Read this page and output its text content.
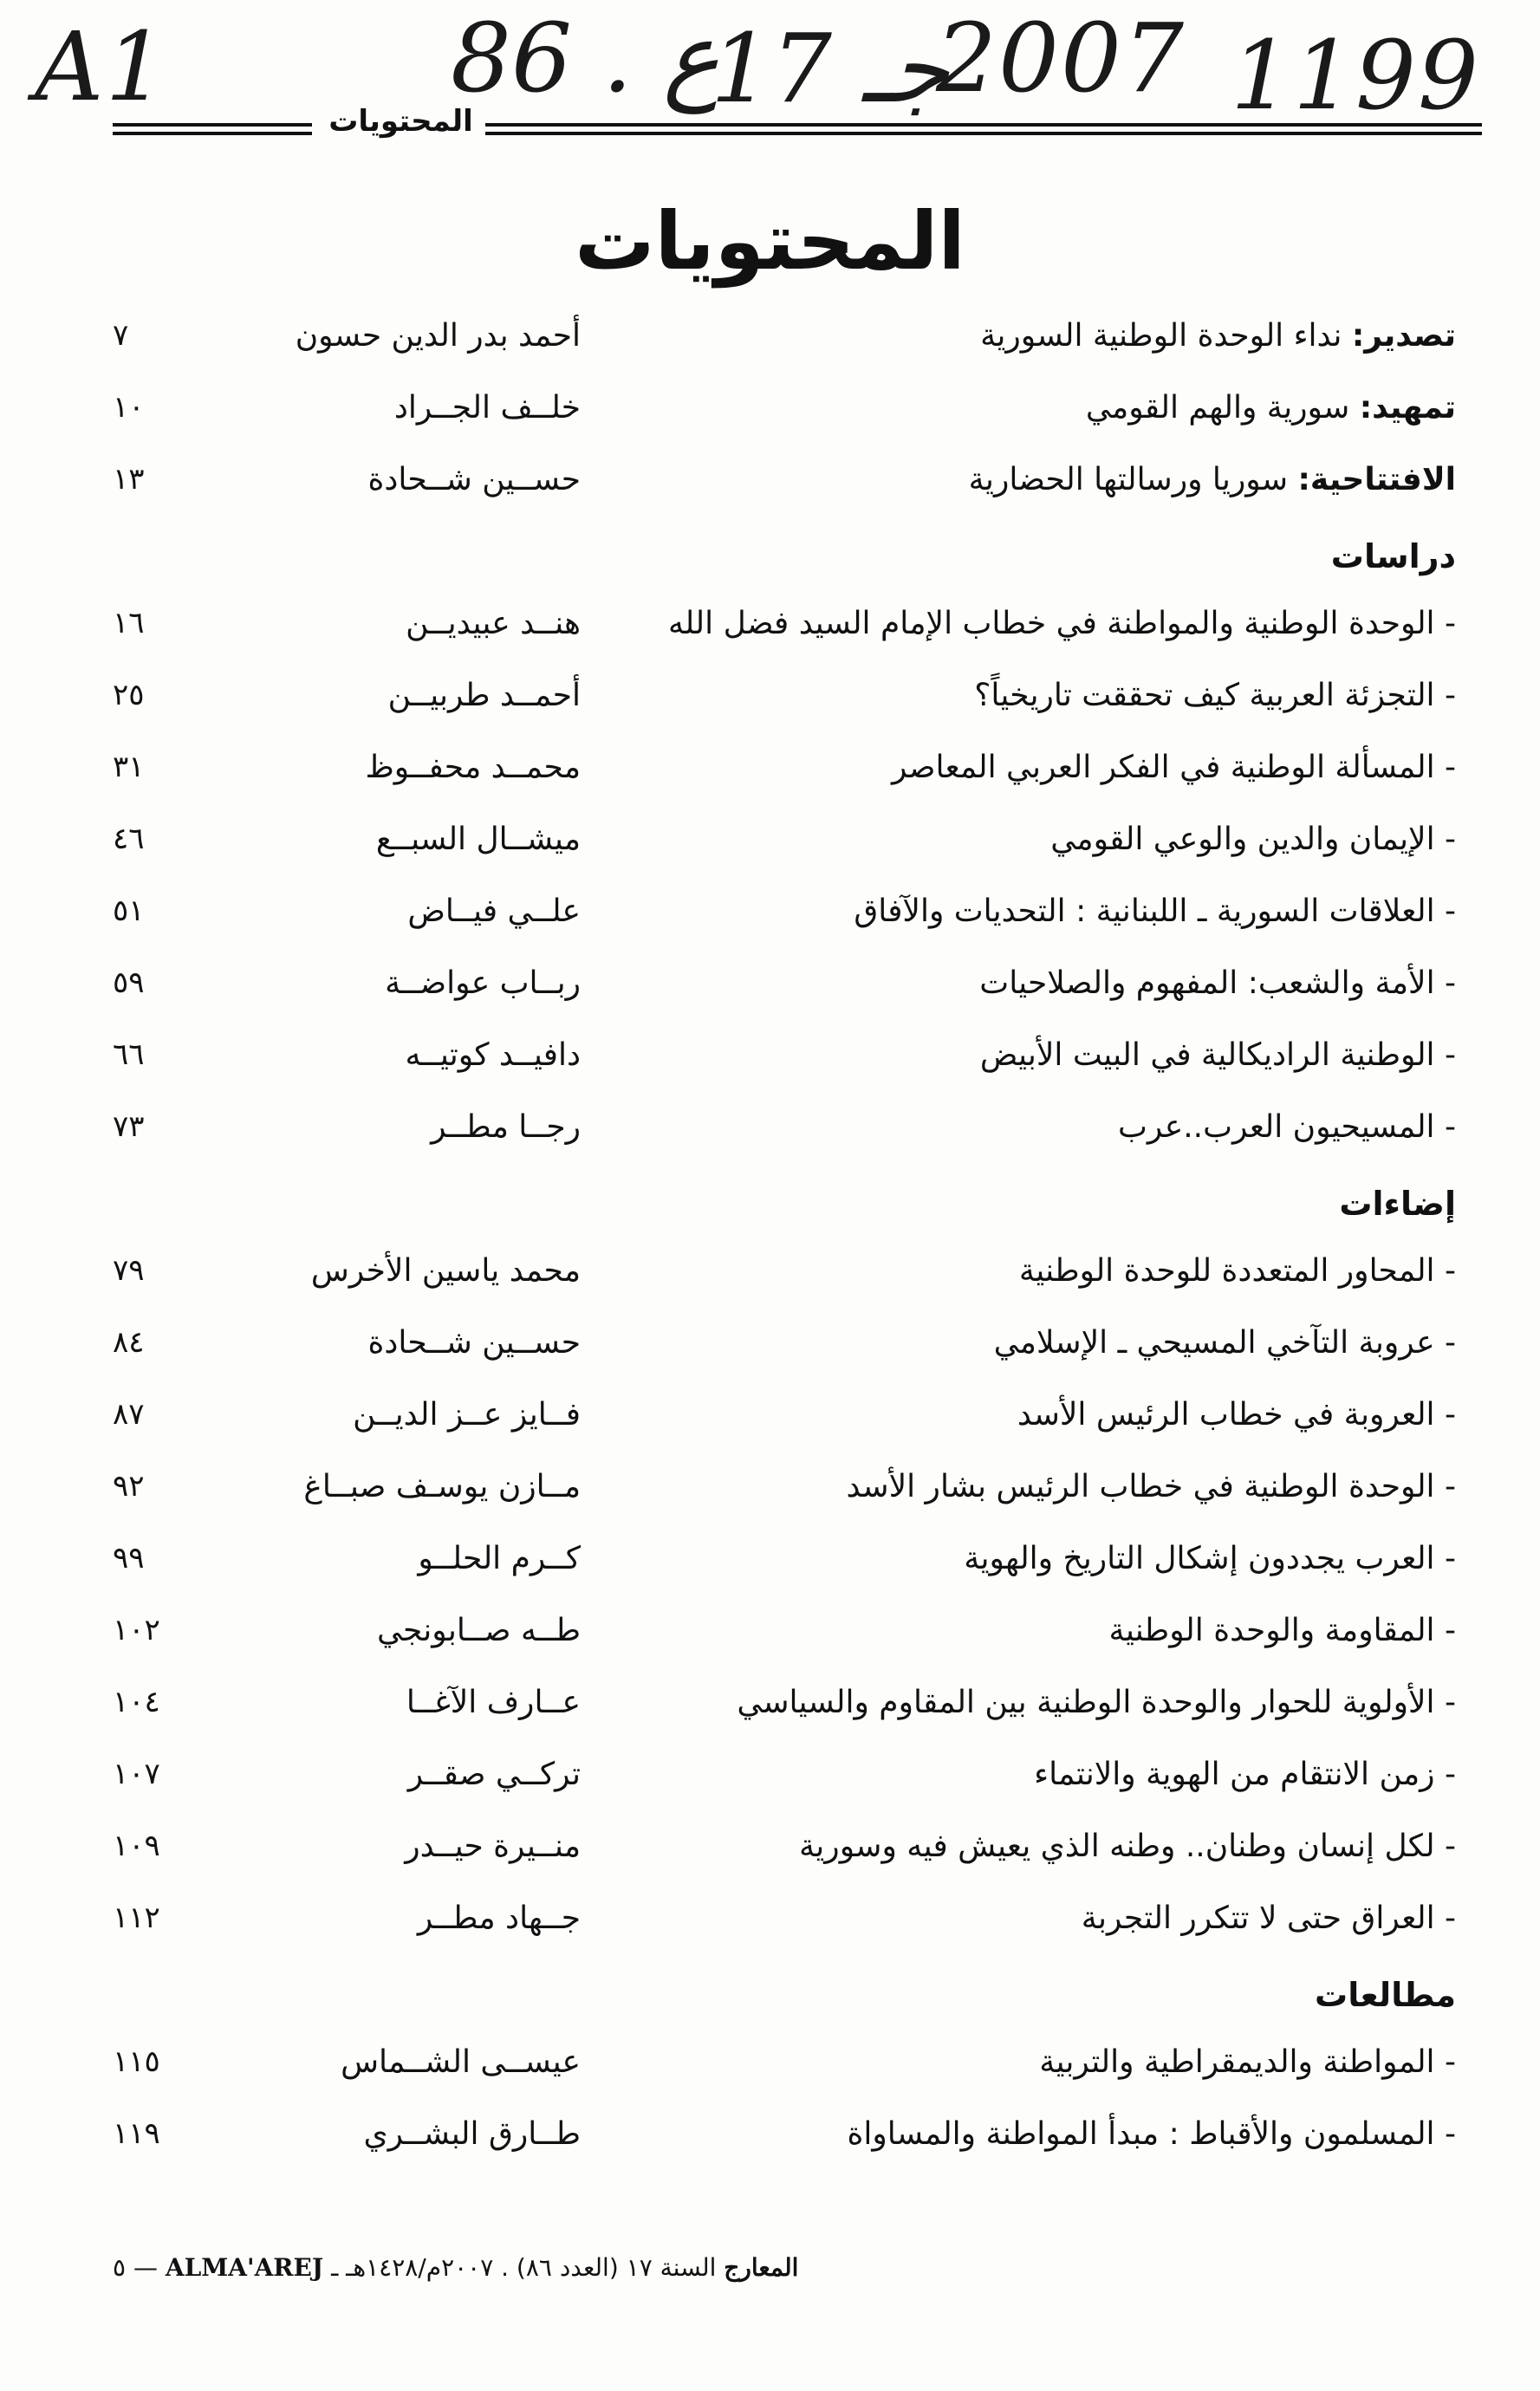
1199
2007
جـ 17
86 . ع
A1	المحتويات
المحتويات
تصدير: نداء الوحدة الوطنية السورية
أحمد بدر الدين حسون
٧
تمهيد: سورية والهم القومي
خلــف الجــراد
١٠
الافتتاحية: سوريا ورسالتها الحضارية
حســين شــحادة
١٣
دراسات
- الوحدة الوطنية والمواطنة في خطاب الإمام السيد فضل الله
هنــد عبيديــن
١٦
- التجزئة العربية كيف تحققت تاريخياً؟
أحمــد طربيــن
٢٥
- المسألة الوطنية في الفكر العربي المعاصر
محمــد محفــوظ
٣١
- الإيمان والدين والوعي القومي
ميشــال السبــع
٤٦
- العلاقات السورية ـ اللبنانية : التحديات والآفاق
علــي فيــاض
٥١
- الأمة والشعب: المفهوم والصلاحيات
ربــاب عواضــة
٥٩
- الوطنية الراديكالية في البيت الأبيض
دافيــد كوتيــه
٦٦
- المسيحيون العرب..عرب
رجــا مطــر
٧٣
إضاءات
- المحاور المتعددة للوحدة الوطنية
محمد ياسين الأخرس
٧٩
- عروبة التآخي المسيحي ـ الإسلامي
حســين شــحادة
٨٤
- العروبة في خطاب الرئيس الأسد
فــايز عــز الديــن
٨٧
- الوحدة الوطنية في خطاب الرئيس بشار الأسد
مــازن يوسـف صبــاغ
٩٢
- العرب يجددون إشكال التاريخ والهوية
كــرم الحلــو
٩٩
- المقاومة والوحدة الوطنية
طــه صــابونجي
١٠٢
- الأولوية للحوار والوحدة الوطنية بين المقاوم والسياسي
عــارف الآغــا
١٠٤
- زمن الانتقام من الهوية والانتماء
تركــي صقــر
١٠٧
- لكل إنسان وطنان.. وطنه الذي يعيش فيه وسورية
منــيرة حيــدر
١٠٩
- العراق حتى لا تتكرر التجربة
جــهاد مطــر
١١٢
مطالعات
- المواطنة والديمقراطية والتربية
عيســى الشــماس
١١٥
- المسلمون والأقباط : مبدأ المواطنة والمساواة
طــارق البشــري
١١٩
٥ — ALMA'AREJ	المعارج السنة ١٧ (العدد ٨٦) . ٢٠٠٧م/١٤٢٨هـ ـ
